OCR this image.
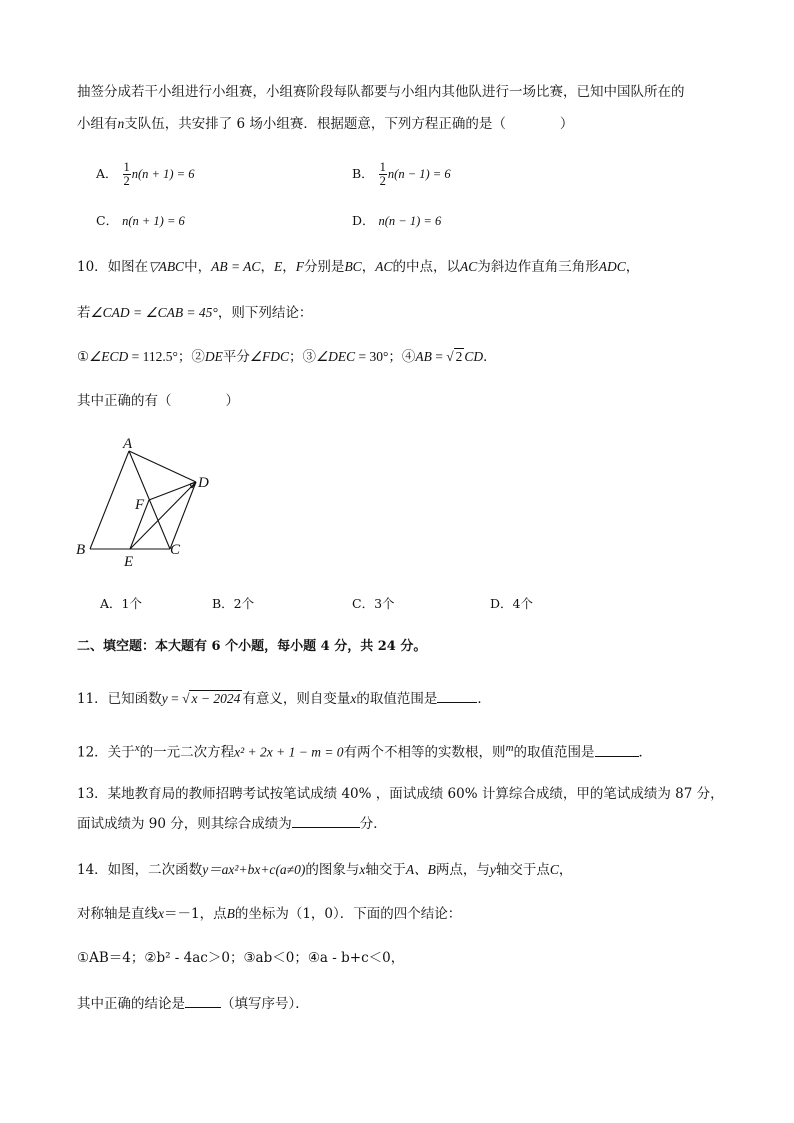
抽签分成若干小组进行小组赛，小组赛阶段每队都要与小组内其他队进行一场比赛，已知中国队所在的
小组有n支队伍，共安排了 6 场小组赛．根据题意，下列方程正确的是（　　　　）
A． $\frac{1}{2} n(n + 1) = 6$	B． $\frac{1}{2} n(n - 1) = 6$
C． n(n + 1) = 6	D． n(n − 1) = 6
10．如图在▽ABC中，AB = AC，E，F分别是BC，AC的中点，以AC为斜边作直角三角形ADC，
若∠CAD = ∠CAB = 45°，则下列结论：
①∠ECD = 112.5°；②DE平分∠FDC；③∠DEC = 30°；④AB = √ 2 CD．
其中正确的有（　　　　）
A
B	C
D
E
F
A．1个	B．2个	C．3个	D．4个
二、填空题：本大题有 6 个小题，每小题 4 分，共 24 分。
11．已知函数y = √ x − 2024 有意义，则自变量x的取值范围是	．
12．关于$^x$的一元二次方程x² + 2x + 1 − m = 0有两个不相等的实数根，则$^m$的取值范围是	．
13．某地教育局的教师招聘考试按笔试成绩 40% ，面试成绩 60% 计算综合成绩，甲的笔试成绩为 87 分，
面试成绩为 90 分，则其综合成绩为	分．
14．如图，二次函数y＝ax²+bx+c(a≠0)的图象与x轴交于A、B两点，与y轴交于点C，
对称轴是直线x＝－1，点B的坐标为（1，0）．下面的四个结论：
①AB＝4；②b² - 4ac＞0；③ab＜0；④a - b+c＜0，
其中正确的结论是	（填写序号）．
